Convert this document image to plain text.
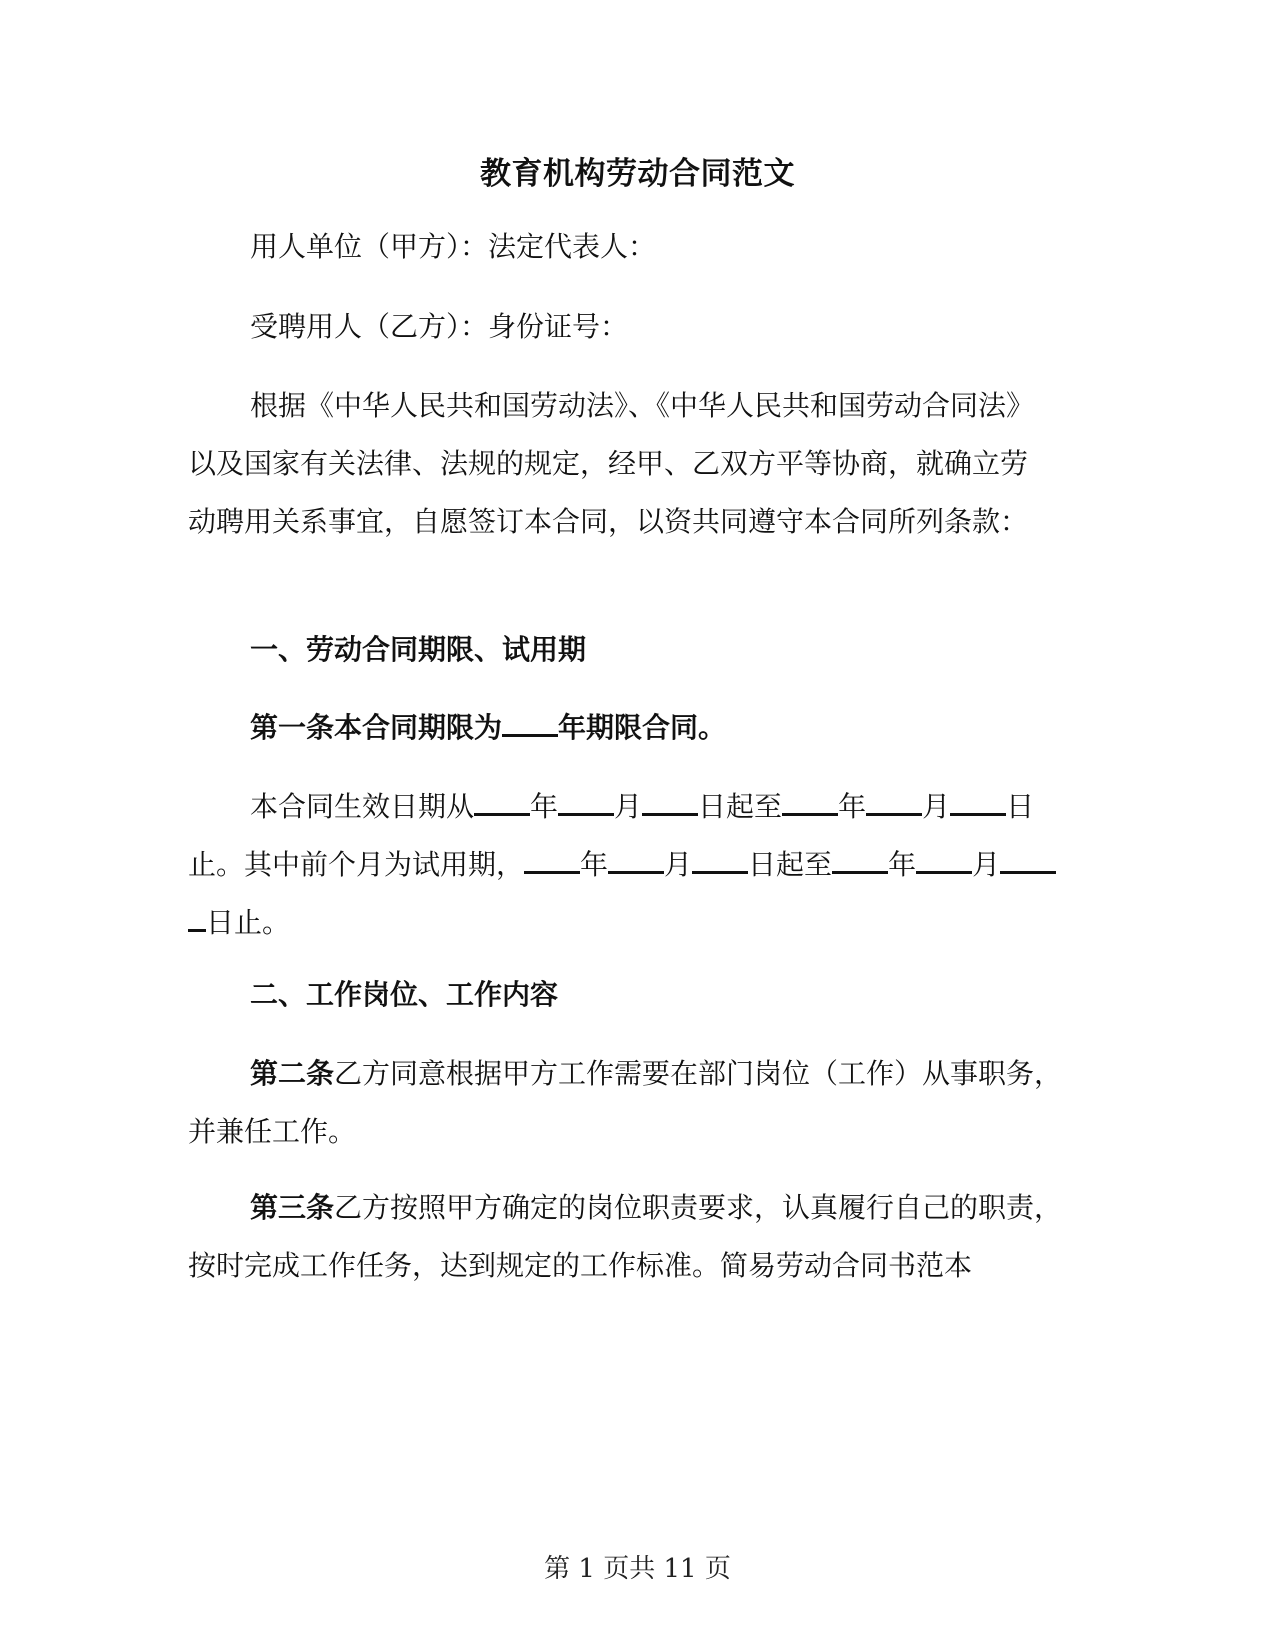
教育机构劳动合同范文

用人单位（甲方）：法定代表人：

受聘用人（乙方）：身份证号：

根据《中华人民共和国劳动法》、《中华人民共和国劳动合同法》以及国家有关法律、法规的规定，经甲、乙双方平等协商，就确立劳动聘用关系事宜，自愿签订本合同，以资共同遵守本合同所列条款：

一、劳动合同期限、试用期

第一条本合同期限为 年期限合同。

本合同生效日期从 年 月 日起至 年 月 日止。其中前个月为试用期， 年 月 日起至 年 月日止。

二、工作岗位、工作内容

第二条乙方同意根据甲方工作需要在部门岗位（工作）从事职务，并兼任工作。

第三条乙方按照甲方确定的岗位职责要求，认真履行自己的职责，按时完成工作任务，达到规定的工作标准。简易劳动合同书范本

第 1 页共 11 页
